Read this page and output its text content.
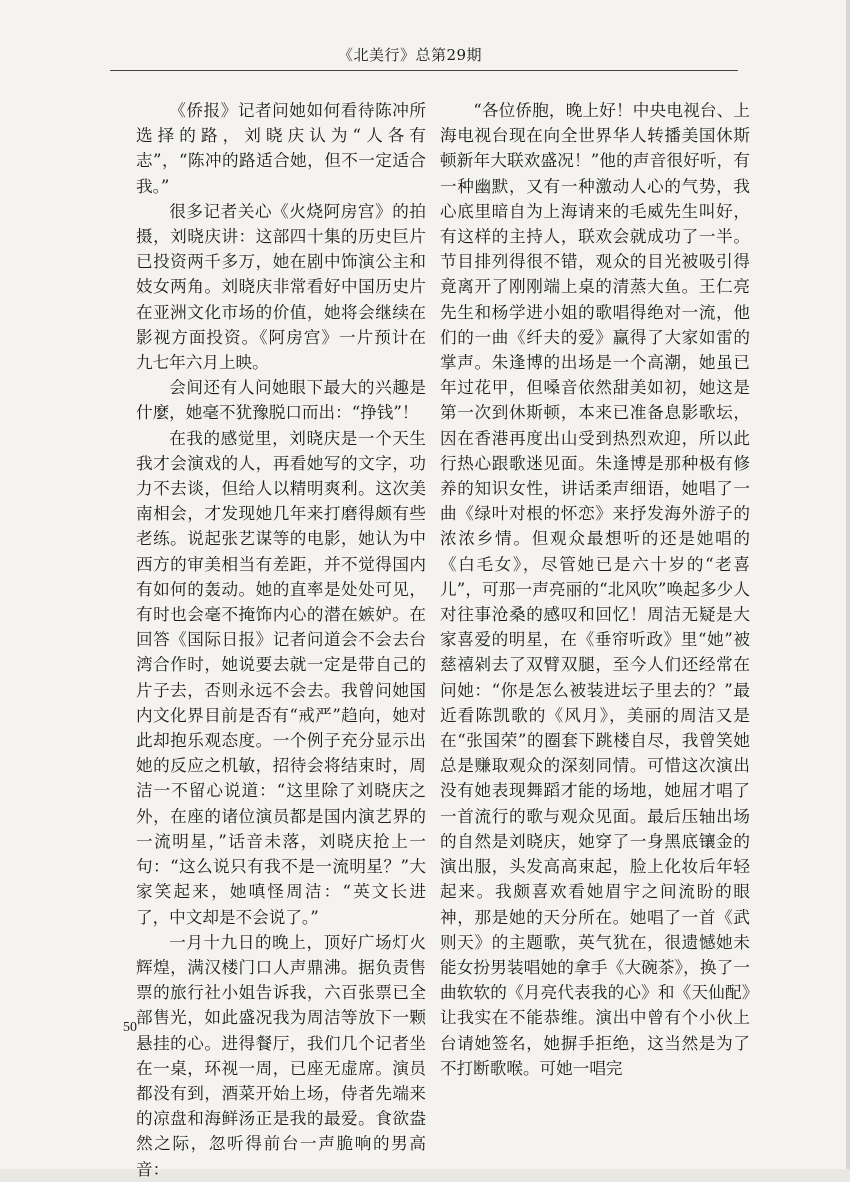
《北美行》总第29期

《侨报》记者问她如何看待陈冲所选择的路，刘晓庆认为“人各有志”，“陈冲的路适合她，但不一定适合我。”

很多记者关心《火烧阿房宫》的拍摄，刘晓庆讲：这部四十集的历史巨片已投资两千多万，她在剧中饰演公主和妓女两角。刘晓庆非常看好中国历史片在亚洲文化市场的价值，她将会继续在影视方面投资。《阿房宫》一片预计在九七年六月上映。

会间还有人问她眼下最大的兴趣是什麼，她毫不犹豫脱口而出：“挣钱”！

在我的感觉里，刘晓庆是一个天生我才会演戏的人，再看她写的文字，功力不去谈，但给人以精明爽利。这次美南相会，才发现她几年来打磨得颇有些老练。说起张艺谋等的电影，她认为中西方的审美相当有差距，并不觉得国内有如何的轰动。她的直率是处处可见，有时也会毫不掩饰内心的潜在嫉妒。在回答《国际日报》记者问道会不会去台湾合作时，她说要去就一定是带自己的片子去，否则永远不会去。我曾问她国内文化界目前是否有“戒严”趋向，她对此却抱乐观态度。一个例子充分显示出她的反应之机敏，招待会将结束时，周洁一不留心说道：“这里除了刘晓庆之外，在座的诸位演员都是国内演艺界的一流明星，”话音未落，刘晓庆抢上一句：“这么说只有我不是一流明星？”大家笑起来，她嗔怪周洁：“英文长进了，中文却是不会说了。”

一月十九日的晚上，顶好广场灯火辉煌，满汉楼门口人声鼎沸。据负责售票的旅行社小姐告诉我，六百张票已全部售光，如此盛况我为周洁等放下一颗悬挂的心。进得餐厅，我们几个记者坐在一桌，环视一周，已座无虚席。演员都没有到，酒菜开始上场，侍者先端来的凉盘和海鲜汤正是我的最爱。食欲盎然之际，忽听得前台一声脆响的男高音：

“各位侨胞，晚上好！中央电视台、上海电视台现在向全世界华人转播美国休斯顿新年大联欢盛况！”他的声音很好听，有一种幽默，又有一种激动人心的气势，我心底里暗自为上海请来的毛威先生叫好，有这样的主持人，联欢会就成功了一半。节目排列得很不错，观众的目光被吸引得竟离开了刚刚端上桌的清蒸大鱼。王仁亮先生和杨学进小姐的歌唱得绝对一流，他们的一曲《纤夫的爱》赢得了大家如雷的掌声。朱逢博的出场是一个高潮，她虽已年过花甲，但嗓音依然甜美如初，她这是第一次到休斯顿，本来已准备息影歌坛，因在香港再度出山受到热烈欢迎，所以此行热心跟歌迷见面。朱逢博是那种极有修养的知识女性，讲话柔声细语，她唱了一曲《绿叶对根的怀恋》来抒发海外游子的浓浓乡情。但观众最想听的还是她唱的《白毛女》，尽管她已是六十岁的“老喜儿”，可那一声亮丽的“北风吹”唤起多少人对往事沧桑的感叹和回忆！周洁无疑是大家喜爱的明星，在《垂帘听政》里“她”被慈禧剁去了双臂双腿，至今人们还经常在问她：“你是怎么被装进坛子里去的？”最近看陈凯歌的《风月》，美丽的周洁又是在“张国荣”的圈套下跳楼自尽，我曾笑她总是赚取观众的深刻同情。可惜这次演出没有她表现舞蹈才能的场地，她屈才唱了一首流行的歌与观众见面。最后压轴出场的自然是刘晓庆，她穿了一身黑底镶金的演出服，头发高高束起，脸上化妆后年轻起来。我颇喜欢看她眉宇之间流盼的眼神，那是她的天分所在。她唱了一首《武则天》的主题歌，英气犹在，很遗憾她未能女扮男装唱她的拿手《大碗茶》，换了一曲软软的《月亮代表我的心》和《天仙配》让我实在不能恭维。演出中曾有个小伙上台请她签名，她摒手拒绝，这当然是为了不打断歌喉。可她一唱完

50
